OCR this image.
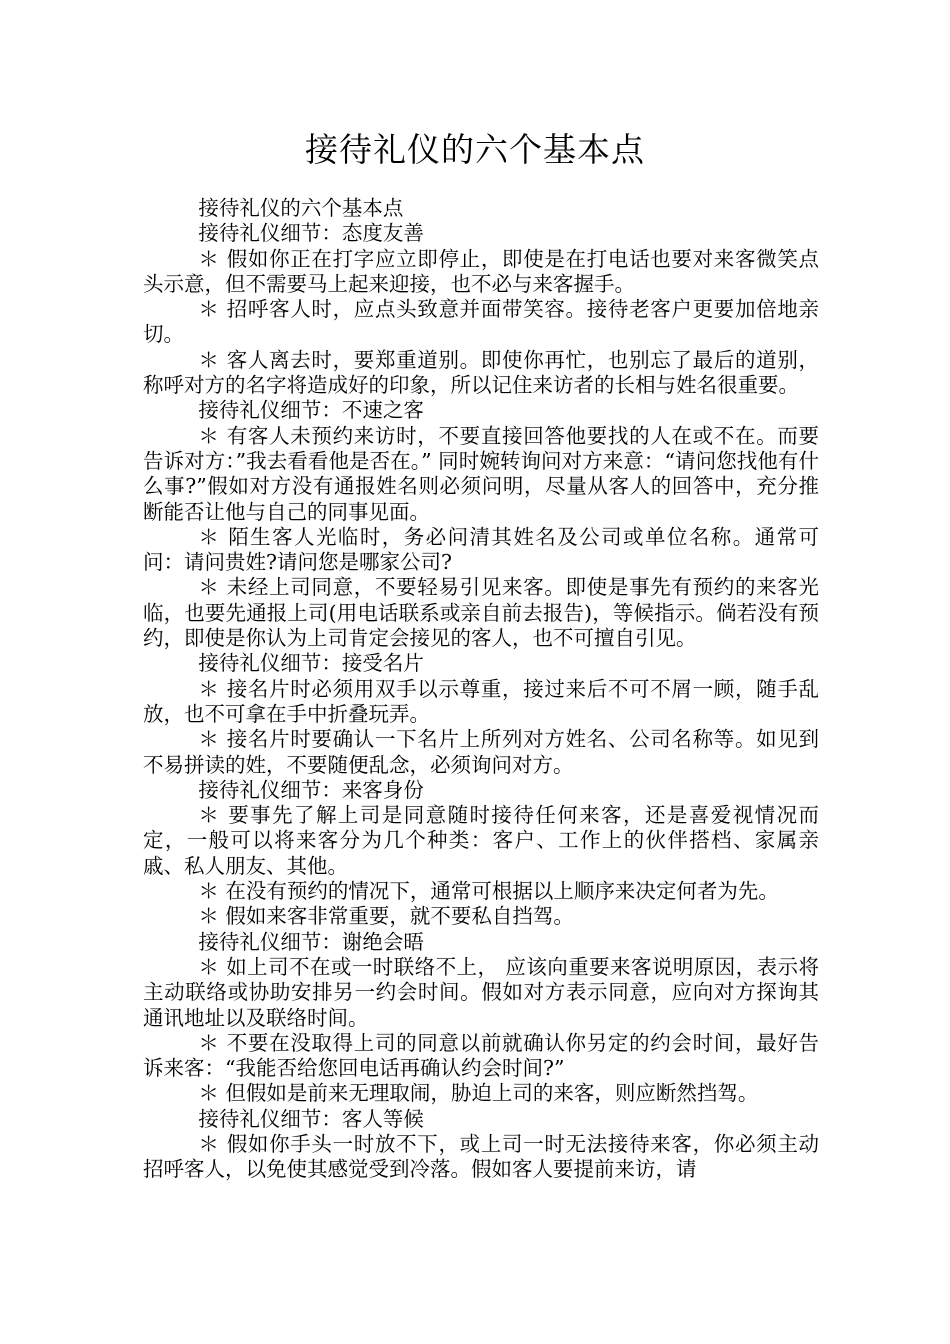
接待礼仪的六个基本点

接待礼仪的六个基本点

接待礼仪细节：态度友善

＊ 假如你正在打字应立即停止，即使是在打电话也要对来客微笑点头示意，但不需要马上起来迎接，也不必与来客握手。

＊ 招呼客人时，应点头致意并面带笑容。接待老客户更要加倍地亲切。

＊ 客人离去时，要郑重道别。即使你再忙，也别忘了最后的道别，称呼对方的名字将造成好的印象，所以记住来访者的长相与姓名很重要。

接待礼仪细节：不速之客

＊ 有客人未预约来访时，不要直接回答他要找的人在或不在。而要告诉对方：”我去看看他是否在。” 同时婉转询问对方来意：“请问您找他有什么事?”假如对方没有通报姓名则必须问明，尽量从客人的回答中，充分推断能否让他与自己的同事见面。

＊ 陌生客人光临时，务必问清其姓名及公司或单位名称。通常可问：请问贵姓?请问您是哪家公司?

＊ 未经上司同意，不要轻易引见来客。即使是事先有预约的来客光临，也要先通报上司(用电话联系或亲自前去报告)，等候指示。倘若没有预约，即使是你认为上司肯定会接见的客人，也不可擅自引见。

接待礼仪细节：接受名片

＊ 接名片时必须用双手以示尊重，接过来后不可不屑一顾，随手乱放，也不可拿在手中折叠玩弄。

＊ 接名片时要确认一下名片上所列对方姓名、公司名称等。如见到不易拼读的姓，不要随便乱念，必须询问对方。

接待礼仪细节：来客身份

＊ 要事先了解上司是同意随时接待任何来客，还是喜爱视情况而定，一般可以将来客分为几个种类：客户、工作上的伙伴搭档、家属亲戚、私人朋友、其他。

＊ 在没有预约的情况下，通常可根据以上顺序来决定何者为先。

＊ 假如来客非常重要，就不要私自挡驾。

接待礼仪细节：谢绝会晤

＊ 如上司不在或一时联络不上， 应该向重要来客说明原因，表示将主动联络或协助安排另一约会时间。假如对方表示同意，应向对方探询其通讯地址以及联络时间。

＊ 不要在没取得上司的同意以前就确认你另定的约会时间，最好告诉来客：“我能否给您回电话再确认约会时间?”

＊ 但假如是前来无理取闹，胁迫上司的来客，则应断然挡驾。

接待礼仪细节：客人等候

＊ 假如你手头一时放不下，或上司一时无法接待来客，你必须主动招呼客人，以免使其感觉受到冷落。假如客人要提前来访，请
